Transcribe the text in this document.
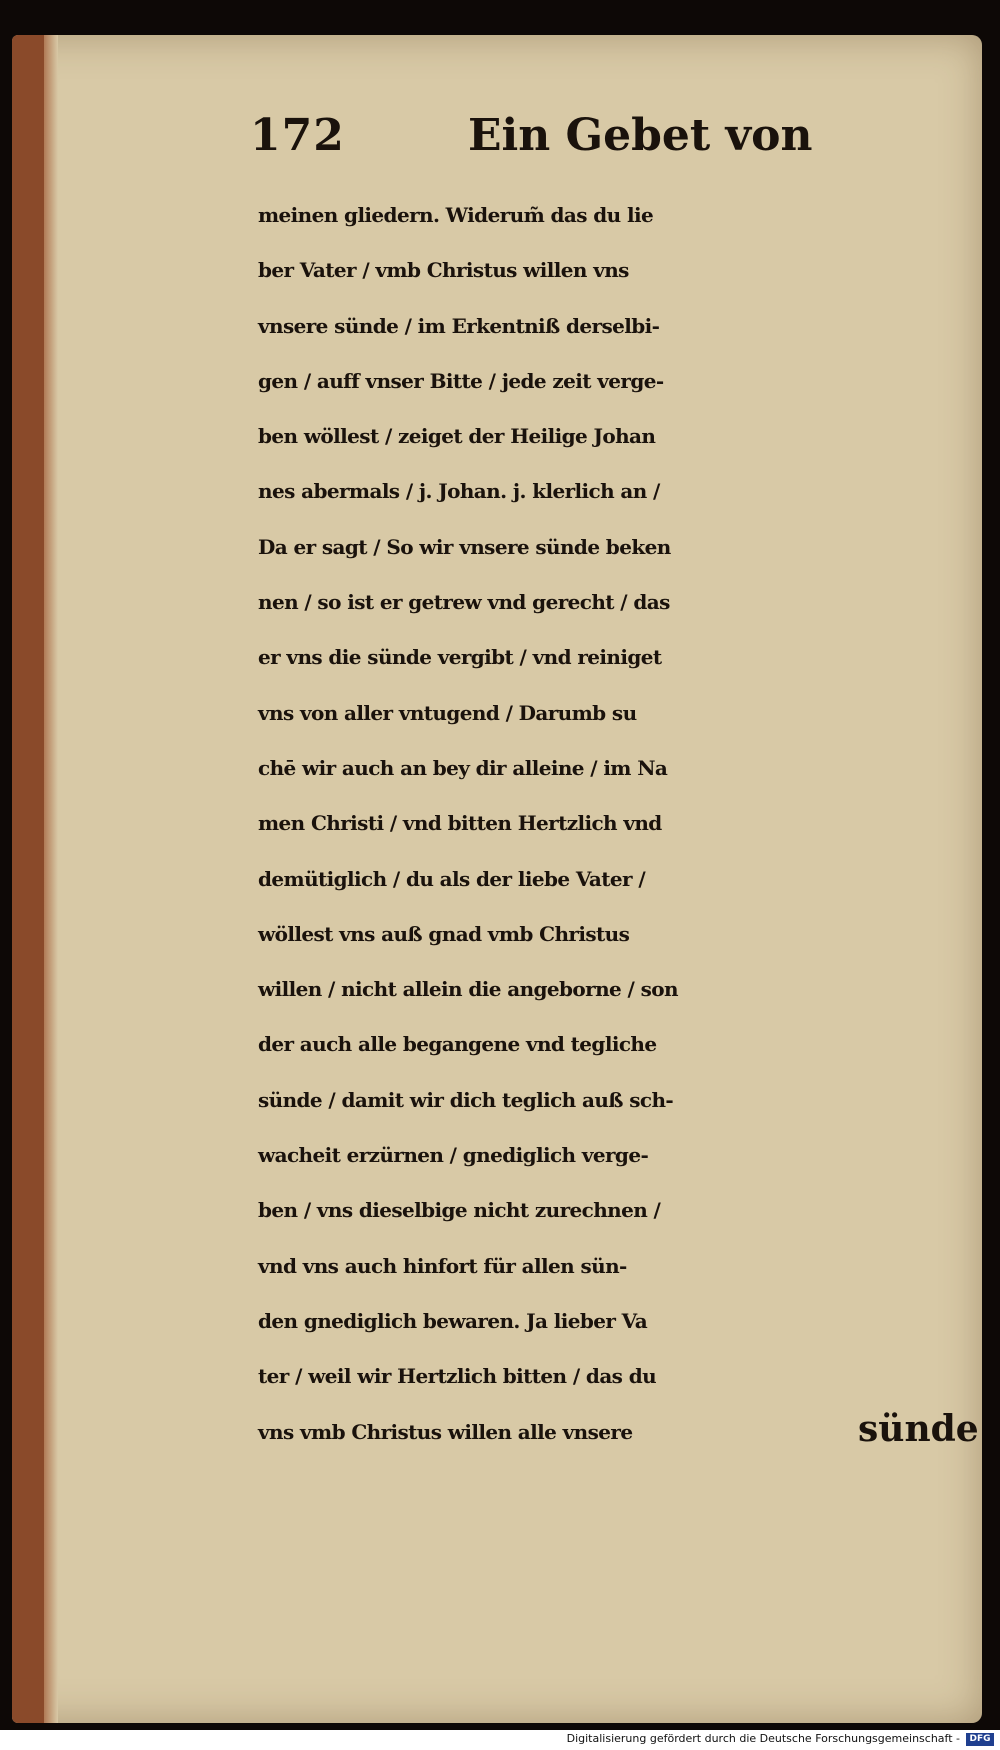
172	Ein Gebet von
meinen gliedern. Widerum̃ das du lie
ber Vater / vmb Christus willen vns
vnsere sünde / im Erkentniß derselbi-
gen / auff vnser Bitte / jede zeit verge-
ben wöllest / zeiget der Heilige Johan
nes abermals / j. Johan. j. klerlich an /
Da er sagt / So wir vnsere sünde beken
nen / so ist er getrew vnd gerecht / das
er vns die sünde vergibt / vnd reiniget
vns von aller vntugend / Darumb su
chē wir auch an bey dir alleine / im Na
men Christi / vnd bitten Hertzlich vnd
demütiglich / du als der liebe Vater /
wöllest vns auß gnad vmb Christus
willen / nicht allein die angeborne / son
der auch alle begangene vnd tegliche
sünde / damit wir dich teglich auß sch-
wacheit erzürnen / gnediglich verge-
ben / vns dieselbige nicht zurechnen /
vnd vns auch hinfort für allen sün-
den gnediglich bewaren. Ja lieber Va
ter / weil wir Hertzlich bitten / das du
vns vmb Christus willen alle vnsere	sünde
Digitalisierung gefördert durch die Deutsche Forschungsgemeinschaft -	DFG
